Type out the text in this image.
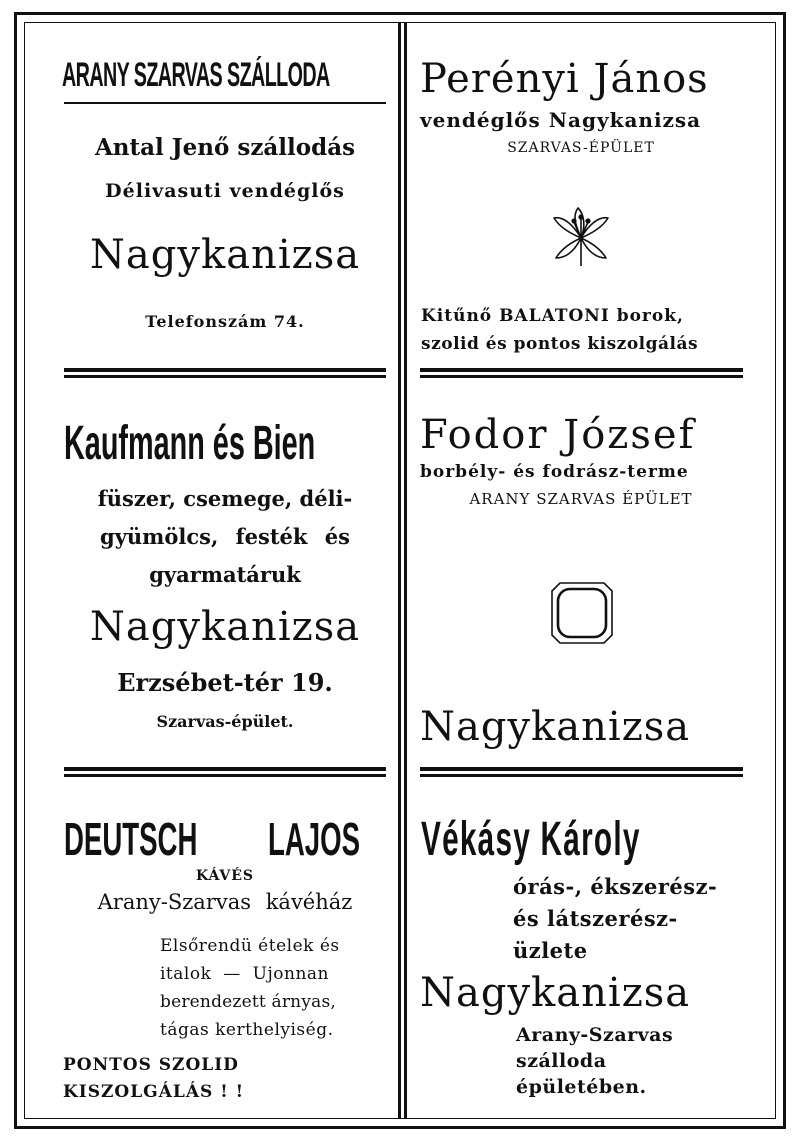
ARANY SZARVAS SZÁLLODA
Antal Jenő szállodás
Délivasuti vendéglős
Nagykanizsa
Telefonszám 74.
Perényi János
vendéglős Nagykanizsa
SZARVAS-ÉPÜLET
Kitűnő BALATONI borok,
szolid és pontos kiszolgálás
Kaufmann és Bien
füszer, csemege, déli-
gyümölcs, festék és
gyarmatáruk
Nagykanizsa
Erzsébet-tér 19.
Szarvas-épület.
Fodor József
borbély- és fodrász-terme
ARANY SZARVAS ÉPÜLET
Nagykanizsa
DEUTSCH LAJOS
KÁVÉS
Arany-Szarvas kávéház
Elsőrendü ételek és
italok — Ujonnan
berendezett árnyas,
tágas kerthelyiség.
PONTOS SZOLID
KISZOLGÁLÁS ! !
Vékásy Károly
órás-, ékszerész-
és látszerész-
üzlete
Nagykanizsa
Arany-Szarvas
szálloda
épületében.
